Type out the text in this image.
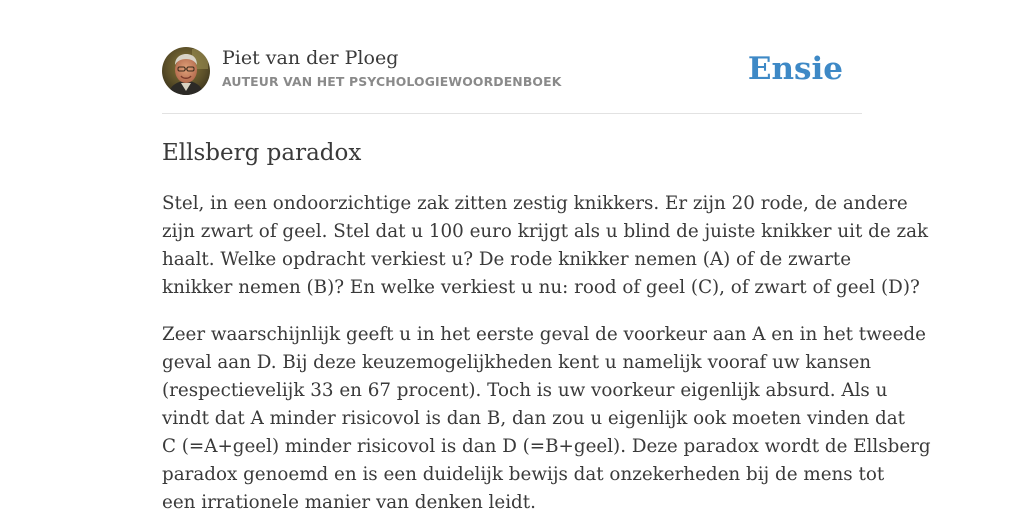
Piet van der Ploeg
AUTEUR VAN HET PSYCHOLOGIEWOORDENBOEK	Ensie
Ellsberg paradox

Stel, in een ondoorzichtige zak zitten zestig knikkers. Er zijn 20 rode, de andere
zijn zwart of geel. Stel dat u 100 euro krijgt als u blind de juiste knikker uit de zak
haalt. Welke opdracht verkiest u? De rode knikker nemen (A) of de zwarte
knikker nemen (B)? En welke verkiest u nu: rood of geel (C), of zwart of geel (D)?

Zeer waarschijnlijk geeft u in het eerste geval de voorkeur aan A en in het tweede
geval aan D. Bij deze keuzemogelijkheden kent u namelijk vooraf uw kansen
(respectievelijk 33 en 67 procent). Toch is uw voorkeur eigenlijk absurd. Als u
vindt dat A minder risicovol is dan B, dan zou u eigenlijk ook moeten vinden dat
C (=A+geel) minder risicovol is dan D (=B+geel). Deze paradox wordt de Ellsberg
paradox genoemd en is een duidelijk bewijs dat onzekerheden bij de mens tot
een irrationele manier van denken leidt.
